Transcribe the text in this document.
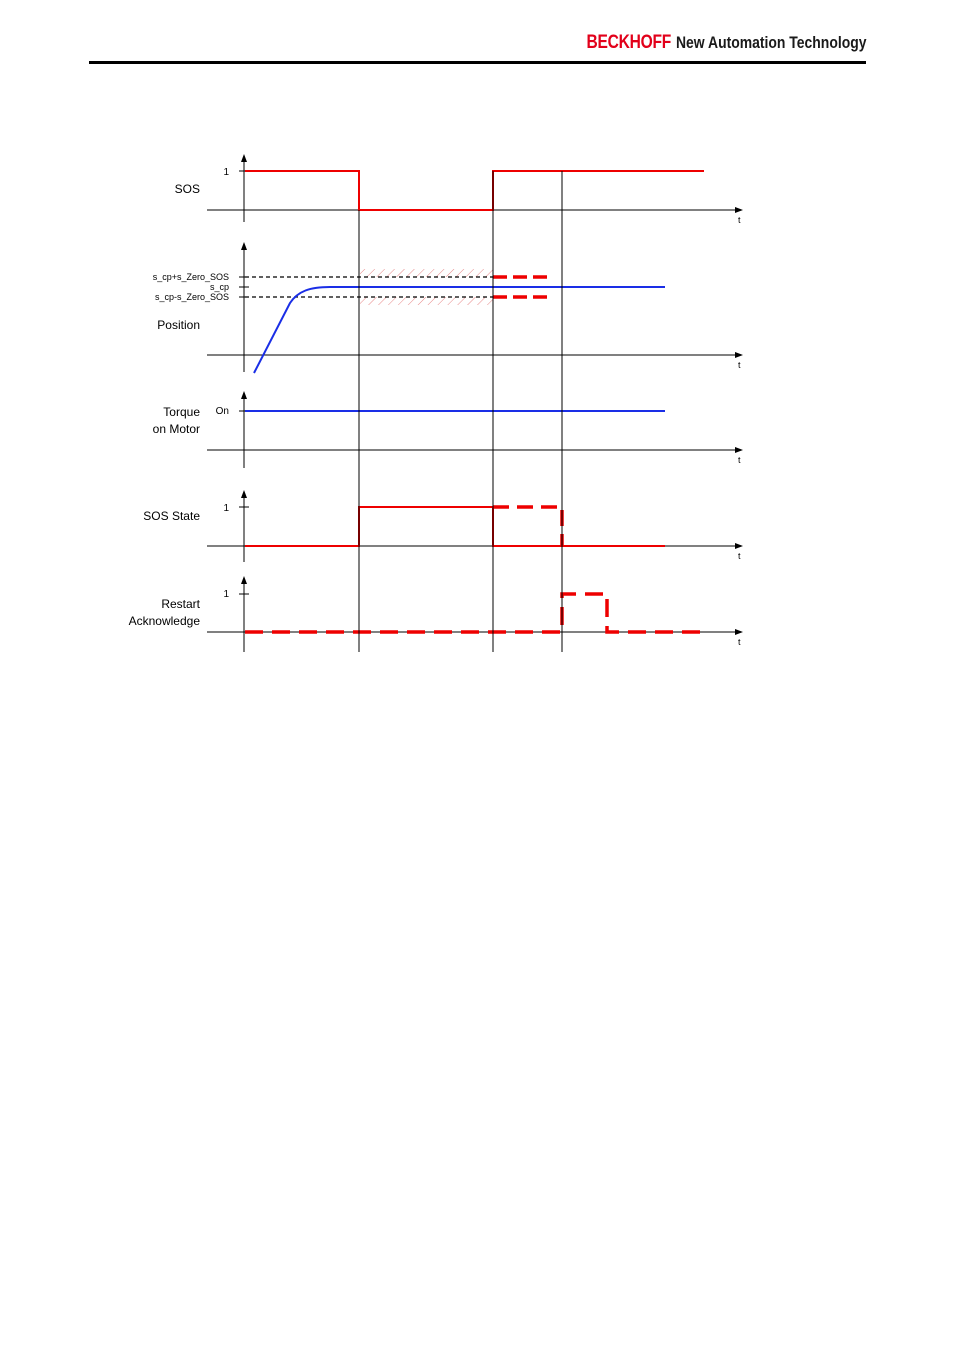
BECKHOFF New Automation Technology
t
SOS
1
t
Position
s_cp+s_Zero_SOS
s_cp
s_cp-s_Zero_SOS
t
Torque
on Motor
On
t
SOS State
1
t
Restart
Acknowledge
1
